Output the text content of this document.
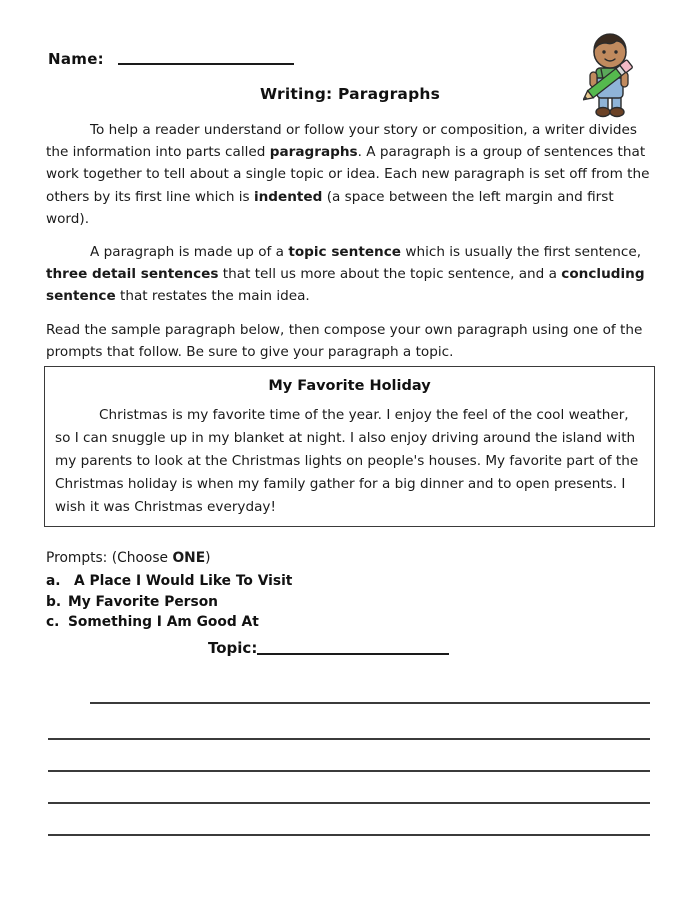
Name:
Writing: Paragraphs

To help a reader understand or follow your story or composition, a writer divides the information into parts called paragraphs. A paragraph is a group of sentences that work together to tell about a single topic or idea. Each new paragraph is set off from the others by its first line which is indented (a space between the left margin and first word).

A paragraph is made up of a topic sentence which is usually the first sentence, three detail sentences that tell us more about the topic sentence, and a concluding sentence that restates the main idea.

Read the sample paragraph below, then compose your own paragraph using one of the prompts that follow. Be sure to give your paragraph a topic.

My Favorite Holiday
Christmas is my favorite time of the year. I enjoy the feel of the cool weather, so I can snuggle up in my blanket at night. I also enjoy driving around the island with my parents to look at the Christmas lights on people's houses. My favorite part of the Christmas holiday is when my family gather for a big dinner and to open presents. I wish it was Christmas everyday!
Prompts: (Choose ONE)
a. A Place I Would Like To Visit
b. My Favorite Person
c. Something I Am Good At
Topic:
